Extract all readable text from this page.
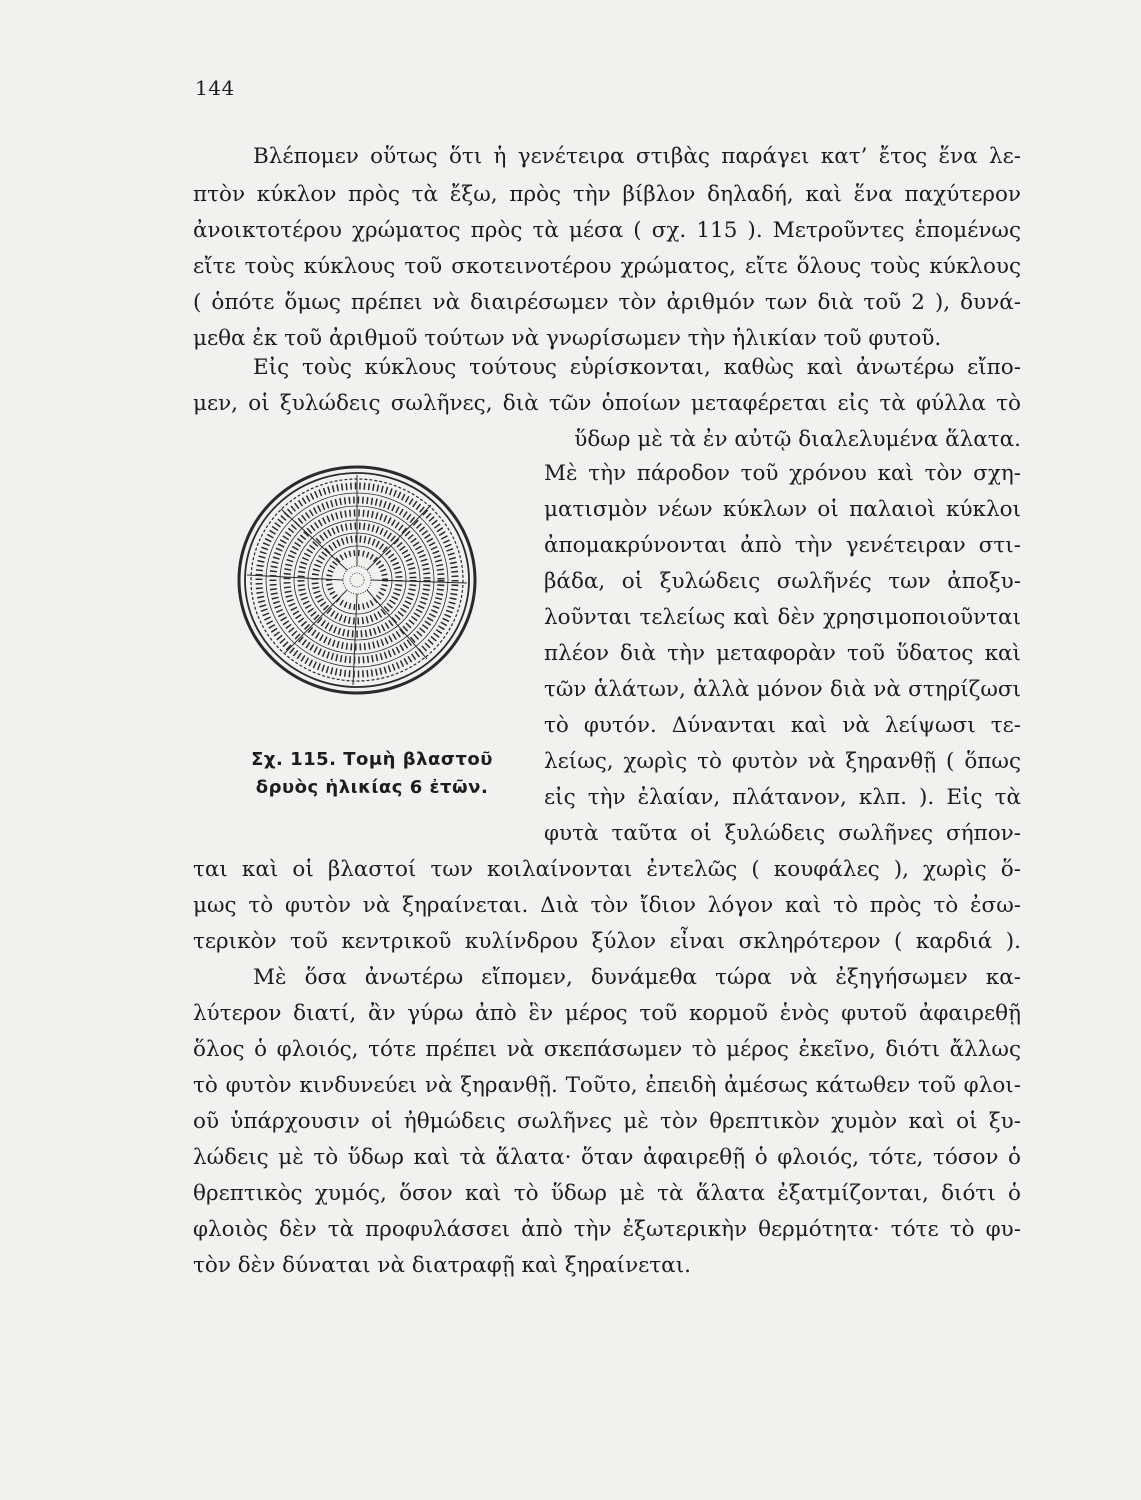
144
Βλέπομεν οὕτως ὅτι ἡ γενέτειρα στιβὰς παράγει κατ’ ἔτος ἕνα λε-
πτὸν κύκλον πρὸς τὰ ἔξω, πρὸς τὴν βίβλον δηλαδή, καὶ ἕνα παχύτερον
ἀνοικτοτέρου χρώματος πρὸς τὰ μέσα ( σχ. 115 ). Μετροῦντες ἑπομένως
εἴτε τοὺς κύκλους τοῦ σκοτεινοτέρου χρώματος, εἴτε ὅλους τοὺς κύκλους
( ὁπότε ὅμως πρέπει νὰ διαιρέσωμεν τὸν ἀριθμόν των διὰ τοῦ 2 ), δυνά-
μεθα ἐκ τοῦ ἀριθμοῦ τούτων νὰ γνωρίσωμεν τὴν ἡλικίαν τοῦ φυτοῦ.
Εἰς τοὺς κύκλους τούτους εὑρίσκονται, καθὼς καὶ ἀνωτέρω εἴπο-
μεν, οἱ ξυλώδεις σωλῆνες, διὰ τῶν ὁποίων μεταφέρεται εἰς τὰ φύλλα τὸ
ὕδωρ μὲ τὰ ἐν αὐτῷ διαλελυμένα ἅλατα.
Σχ. 115. Τομὴ βλαστοῦ
δρυὸς ἡλικίας 6 ἐτῶν.
Μὲ τὴν πάροδον τοῦ χρόνου καὶ τὸν σχη-
ματισμὸν νέων κύκλων οἱ παλαιοὶ κύκλοι
ἀπομακρύνονται ἀπὸ τὴν γενέτειραν στι-
βάδα, οἱ ξυλώδεις σωλῆνές των ἀποξυ-
λοῦνται τελείως καὶ δὲν χρησιμοποιοῦνται
πλέον διὰ τὴν μεταφορὰν τοῦ ὕδατος καὶ
τῶν ἁλάτων, ἀλλὰ μόνον διὰ νὰ στηρίζωσι
τὸ φυτόν. Δύνανται καὶ νὰ λείψωσι τε-
λείως, χωρὶς τὸ φυτὸν νὰ ξηρανθῇ ( ὅπως
εἰς τὴν ἐλαίαν, πλάτανον, κλπ. ). Εἰς τὰ
φυτὰ ταῦτα οἱ ξυλώδεις σωλῆνες σήπον-
ται καὶ οἱ βλαστοί των κοιλαίνονται ἐντελῶς ( κουφάλες ), χωρὶς ὅ-
μως τὸ φυτὸν νὰ ξηραίνεται. Διὰ τὸν ἴδιον λόγον καὶ τὸ πρὸς τὸ ἐσω-
τερικὸν τοῦ κεντρικοῦ κυλίνδρου ξύλον εἶναι σκληρότερον ( καρδιά ).
Μὲ ὅσα ἀνωτέρω εἴπομεν, δυνάμεθα τώρα νὰ ἐξηγήσωμεν κα-
λύτερον διατί, ἂν γύρω ἀπὸ ἓν μέρος τοῦ κορμοῦ ἑνὸς φυτοῦ ἀφαιρεθῇ
ὅλος ὁ φλοιός, τότε πρέπει νὰ σκεπάσωμεν τὸ μέρος ἐκεῖνο, διότι ἄλλως
τὸ φυτὸν κινδυνεύει νὰ ξηρανθῇ. Τοῦτο, ἐπειδὴ ἀμέσως κάτωθεν τοῦ φλοι-
οῦ ὑπάρχουσιν οἱ ἠθμώδεις σωλῆνες μὲ τὸν θρεπτικὸν χυμὸν καὶ οἱ ξυ-
λώδεις μὲ τὸ ὕδωρ καὶ τὰ ἅλατα· ὅταν ἀφαιρεθῇ ὁ φλοιός, τότε, τόσον ὁ
θρεπτικὸς χυμός, ὅσον καὶ τὸ ὕδωρ μὲ τὰ ἅλατα ἐξατμίζονται, διότι ὁ
φλοιὸς δὲν τὰ προφυλάσσει ἀπὸ τὴν ἐξωτερικὴν θερμότητα· τότε τὸ φυ-
τὸν δὲν δύναται νὰ διατραφῇ καὶ ξηραίνεται.
